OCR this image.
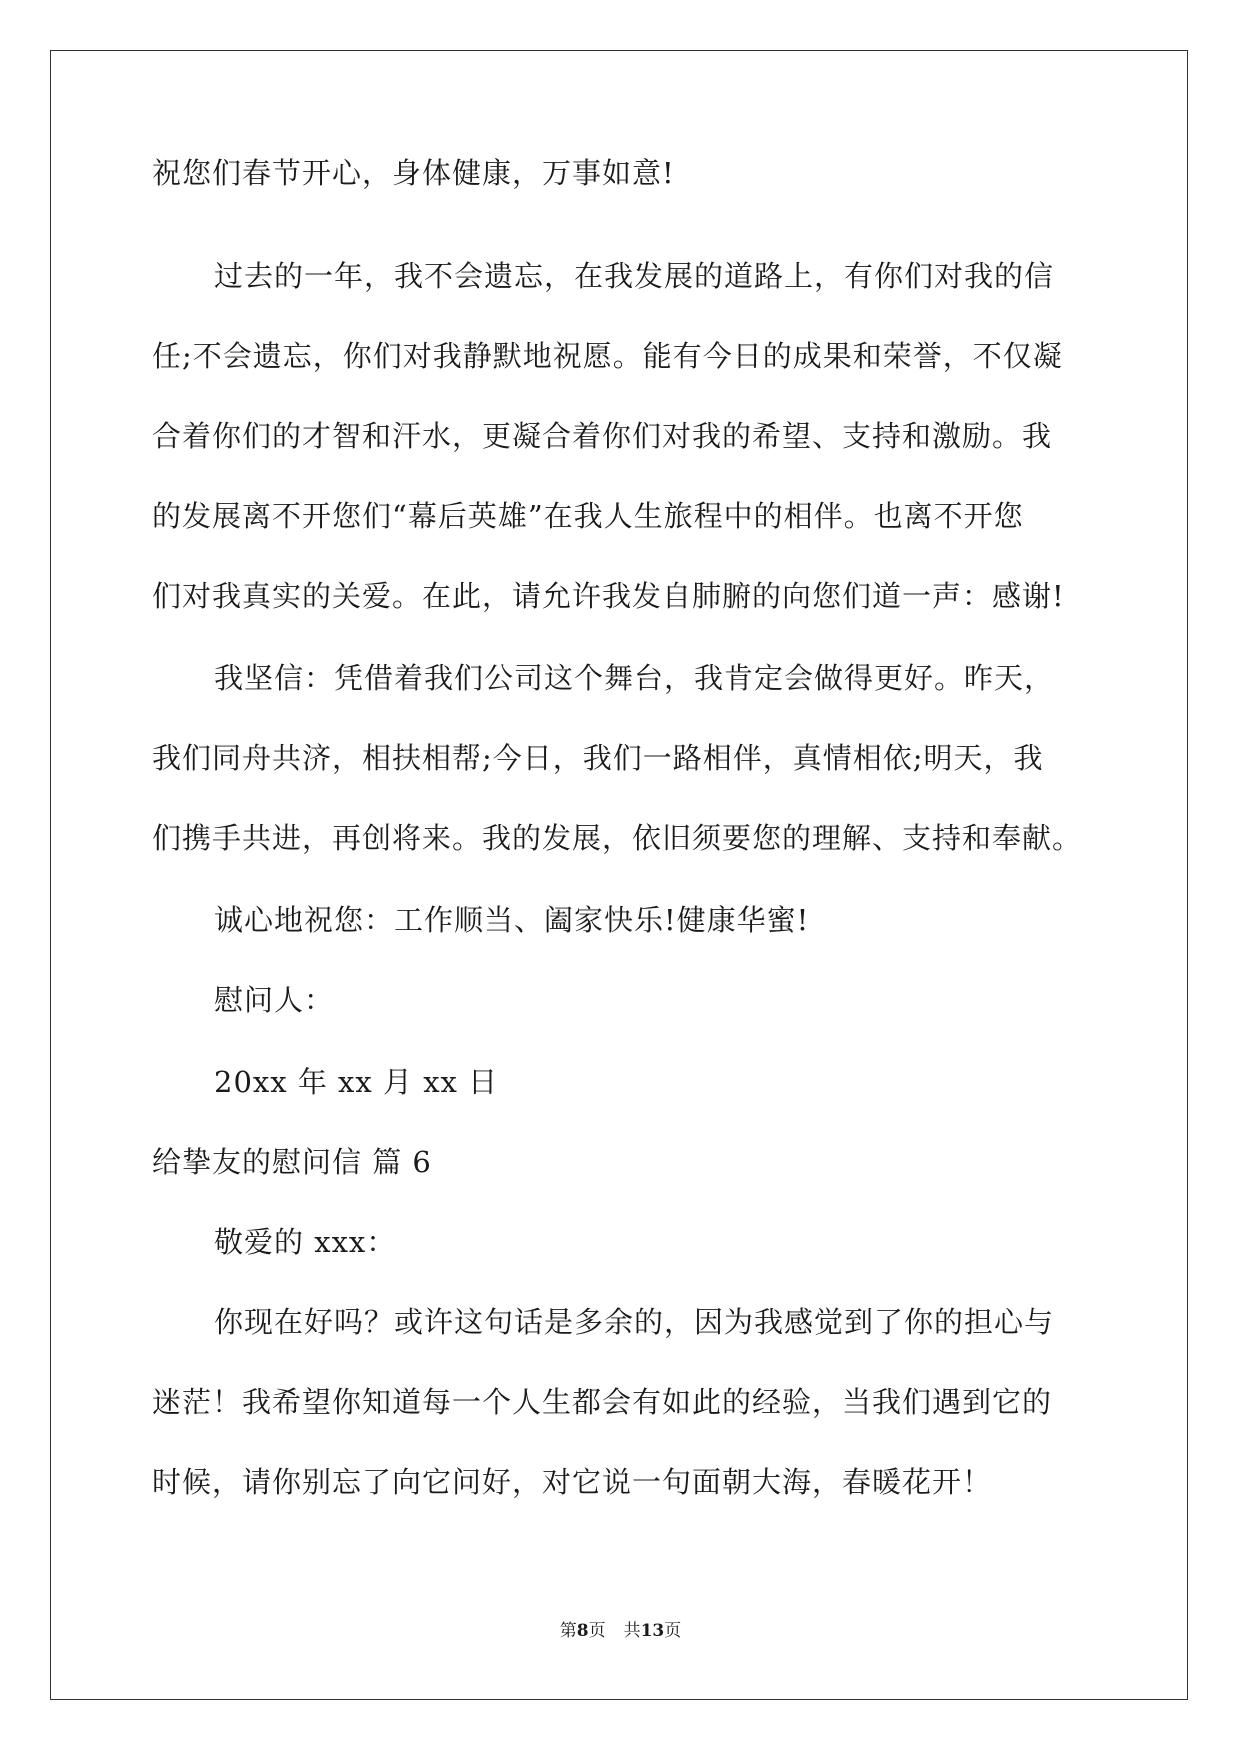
祝您们春节开心，身体健康，万事如意!
过去的一年，我不会遗忘，在我发展的道路上，有你们对我的信
任;不会遗忘，你们对我静默地祝愿。能有今日的成果和荣誉，不仅凝
合着你们的才智和汗水，更凝合着你们对我的希望、支持和激励。我
的发展离不开您们“幕后英雄”在我人生旅程中的相伴。也离不开您
们对我真实的关爱。在此，请允许我发自肺腑的向您们道一声：感谢!
我坚信：凭借着我们公司这个舞台，我肯定会做得更好。昨天，
我们同舟共济，相扶相帮;今日，我们一路相伴，真情相依;明天，我
们携手共进，再创将来。我的发展，依旧须要您的理解、支持和奉献。
诚心地祝您：工作顺当、阖家快乐!健康华蜜!
慰问人：
20xx 年 xx 月 xx 日
给挚友的慰问信 篇 6
敬爱的 xxx：
你现在好吗？或许这句话是多余的，因为我感觉到了你的担心与
迷茫！我希望你知道每一个人生都会有如此的经验，当我们遇到它的
时候，请你别忘了向它问好，对它说一句面朝大海，春暖花开！
第8页 共13页
